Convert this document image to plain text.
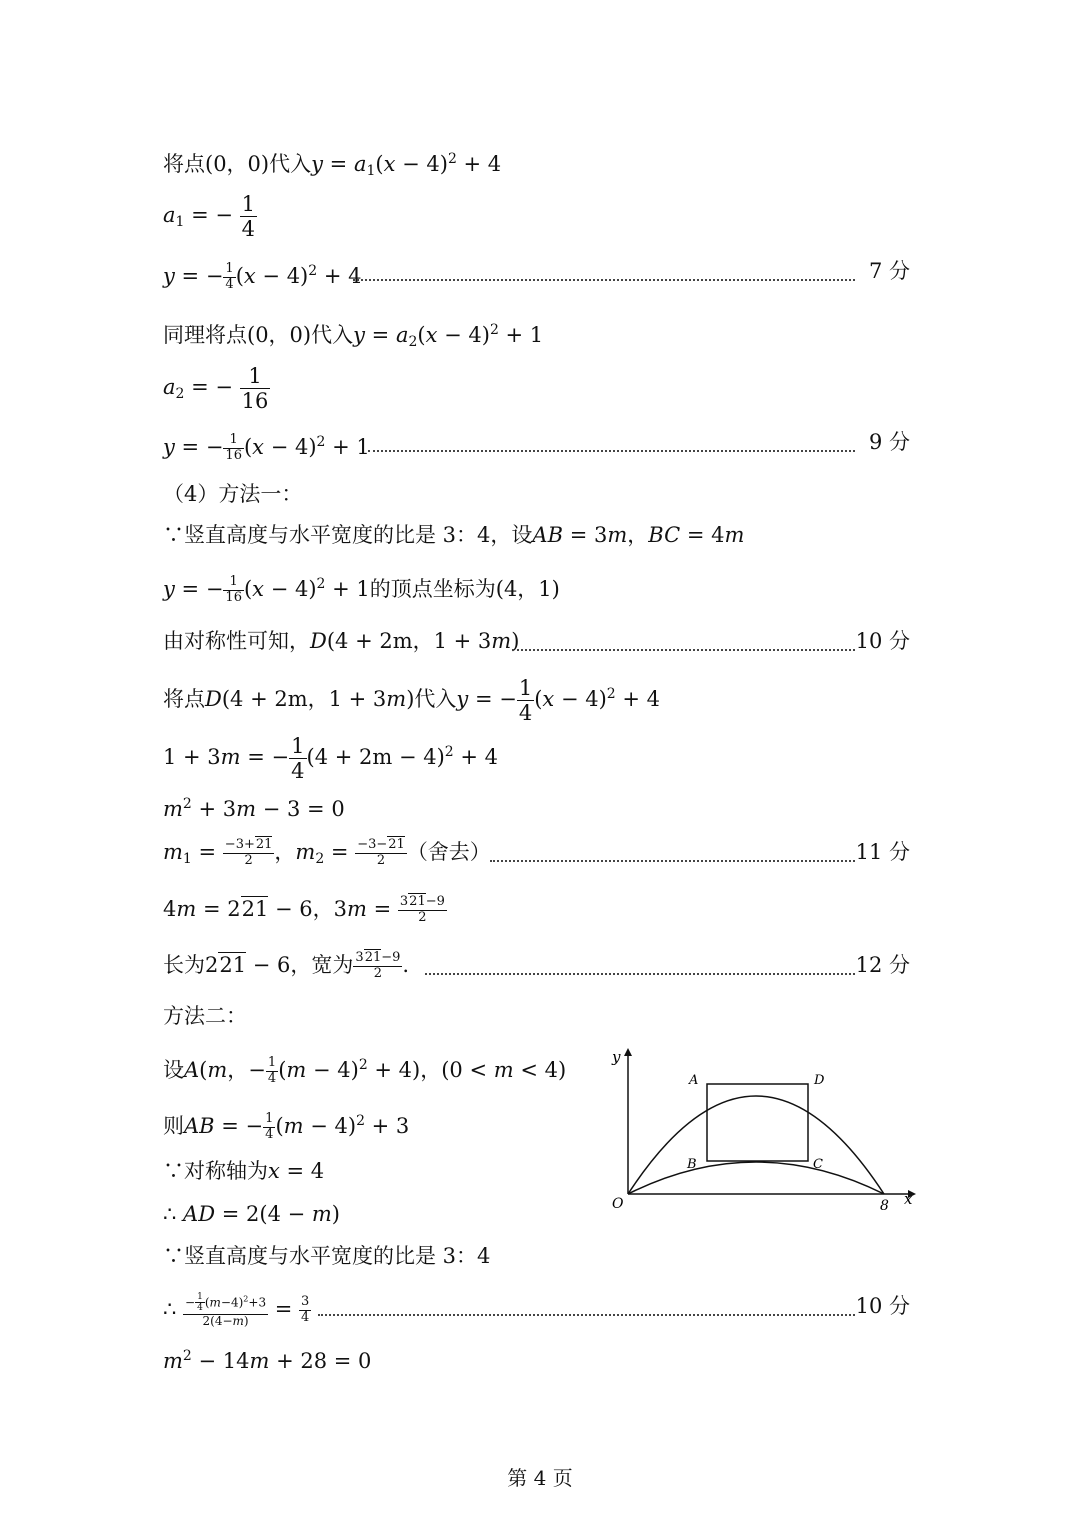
将点(0，0)代入$y = a_1(x - 4)^2 + 4$
$a_1$ = − $\frac{1}{4}$
y = − $\frac{1}{4} (x - 4)^2 + 4$	7 分
同理将点(0，0)代入$y = a_2(x - 4)^2 + 1$
$a_2$ = − $\frac{1}{16}$
y = − $\frac{1}{16} (x - 4)^2 + 1$	9 分
（4）方法一：
∵竖直高度与水平宽度的比是 3：4，设AB = 3m，BC = 4m
y = − $\frac{1}{16} (x - 4)^2 + 1$的顶点坐标为(4，1)
由对称性可知，D(4 + 2m，1 + 3m)	10 分
将点D(4 + 2m，1 + 3m)代入y = − $\frac{1}{4} (x - 4)^2 + 4$
1 + 3m = − $\frac{1}{4} (4 + 2m - 4)^2 + 4$
$m^2 + 3m - 3 = 0$
$m_1 = \frac{-3+21}{2}$ ，$m_2 = \frac{-3-21}{2}$ （舍去）	11 分
4m = 221 − 6，$3m = \frac{321-9}{2}$
长为221 − 6，宽为 $\frac{321-9}{2}$ .	12 分
方法二：
设A(m，− $\frac{1}{4} (m - 4)^2 + 4$)，(0 < m < 4)
则AB = − $\frac{1}{4} (m - 4)^2 + 3$
∵对称轴为x = 4
∴ AD = 2(4 − m)
∵竖直高度与水平宽度的比是 3：4
∴ $\frac{- \frac{1}{4} (m-4)^2+3}{2(4-m)} = \frac{3}{4}$	10 分
$m^2 - 14m + 28 = 0$
y
x
O	8
A	D
B	C
第 4 页
